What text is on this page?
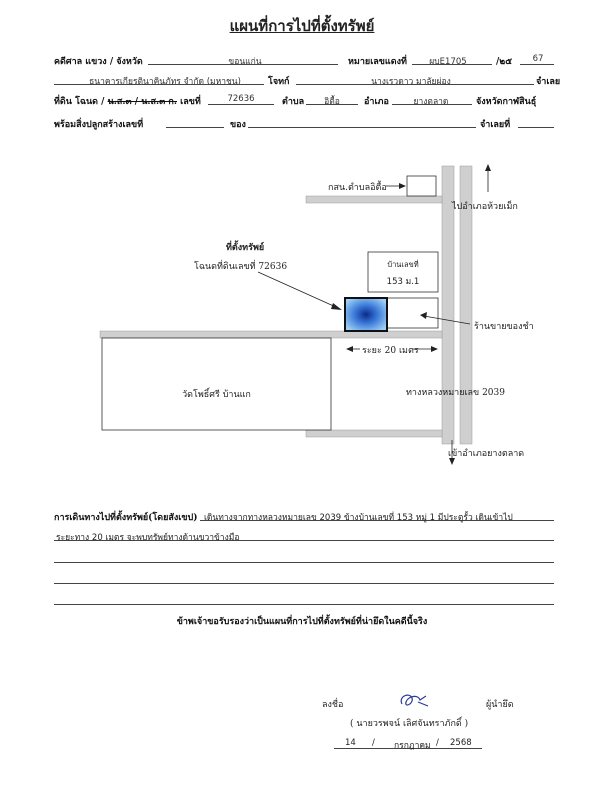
แผนที่การไปที่ตั้งทรัพย์
คดีศาล แขวง / จังหวัด	ขอนแก่น	หมายเลขแดงที่	ผบE1705	/๒๕	67
ธนาคารเกียรตินาคินภัทร จำกัด (มหาชน)	โจทก์	นางเรวดาว มาลัยผ่อง	จำเลย
ที่ดิน โฉนด / น.ส.๓ / น.ส.๓ ก. เลขที่	72636	ตำบล	อิตื้อ	อำเภอ	ยางตลาด	จังหวัดกาฬสินธุ์
พร้อมสิ่งปลูกสร้างเลขที่	ของ	จำเลยที่
กสน.ตำบลอิตื้อ
ไปอำเภอห้วยเม็ก
ที่ตั้งทรัพย์
โฉนดที่ดินเลขที่ 72636	บ้านเลขที่
153 ม.1
ร้านขายของชำ
ระยะ 20 เมตร
วัดโพธิ์ศรี บ้านแก	ทางหลวงหมายเลข 2039
เข้าอำเภอยางตลาด
การเดินทางไปที่ตั้งทรัพย์(โดยสังเขป) เดินทางจากทางหลวงหมายเลข 2039 ข้างบ้านเลขที่ 153 หมู่ 1 มีประตูรั้ว เดินเข้าไป
ระยะทาง 20 เมตร จะพบทรัพย์ทางด้านขวาข้างมือ
ข้าพเจ้าขอรับรองว่าเป็นแผนที่การไปที่ตั้งทรัพย์ที่น่ายึดในคดีนี้จริง
ลงชื่อ	ผู้นำยึด
( นายวรพจน์ เลิศจันทราภักดิ์ )
14 / กรกฎาคม / 2568
